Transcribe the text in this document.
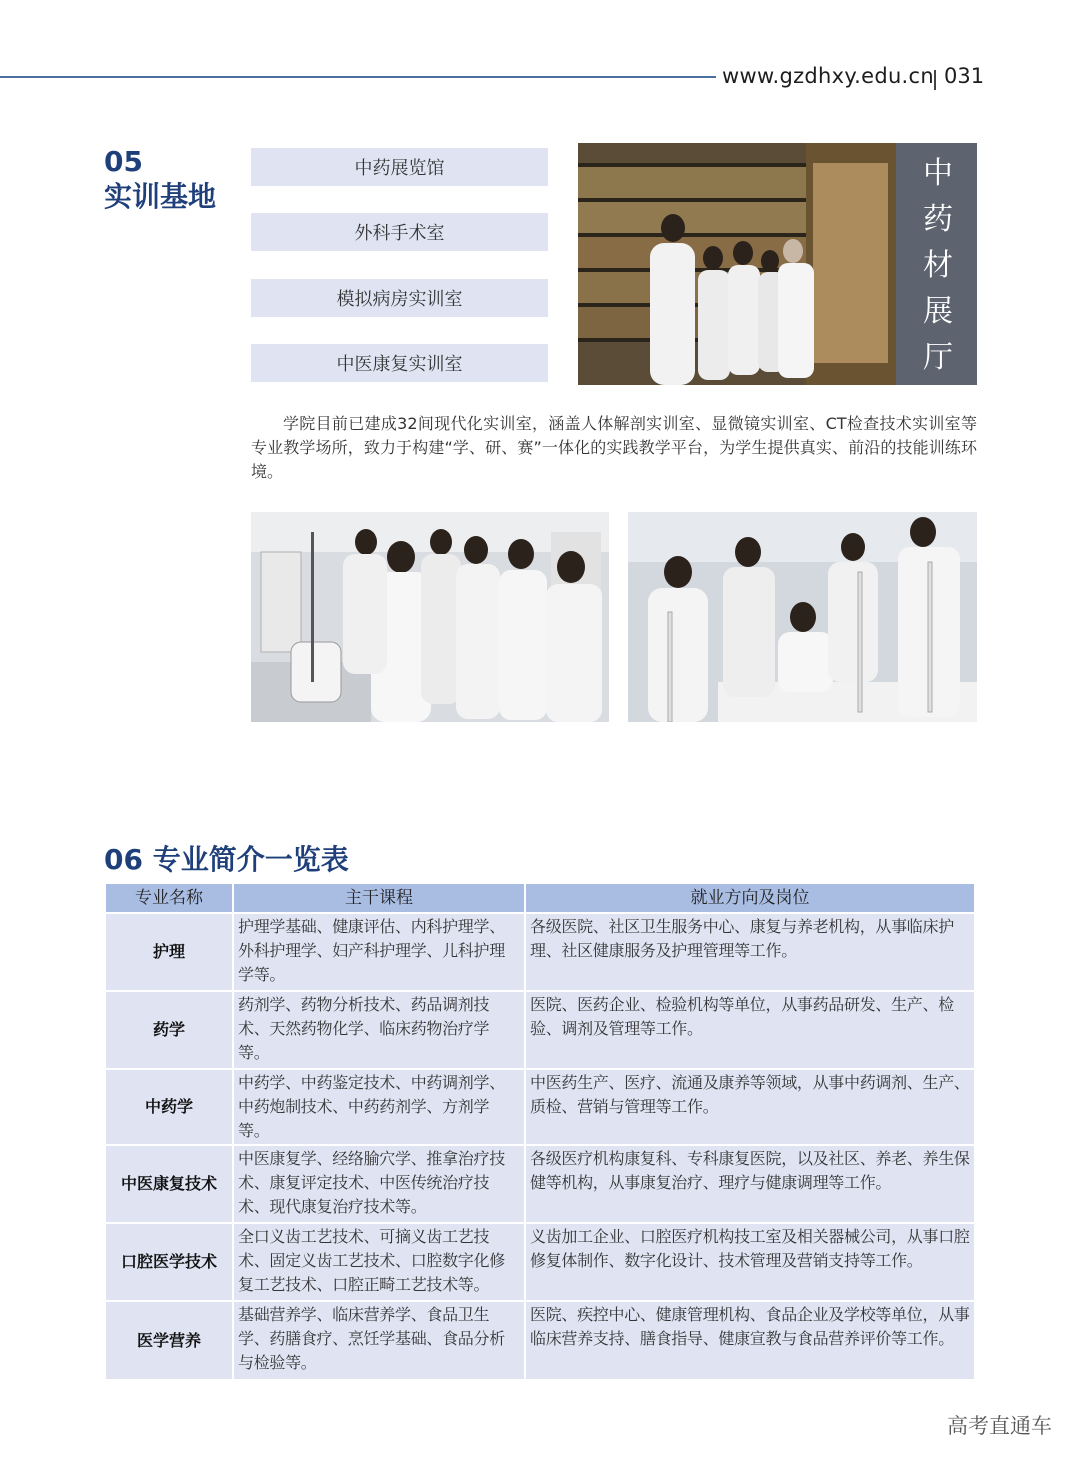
www.gzdhxy.edu.cn 031
05
实训基地
中药展览馆
外科手术室
模拟病房实训室
中医康复实训室
中药材展厅

学院目前已建成32间现代化实训室，涵盖人体解剖实训室、显微镜实训室、CT检查技术实训室等专业教学场所，致力于构建“学、研、赛”一体化的实践教学平台，为学生提供真实、前沿的技能训练环境。

06 专业简介一览表
专业名称	主干课程	就业方向及岗位
护理	护理学基础、健康评估、内科护理学、外科护理学、妇产科护理学、儿科护理学等。	各级医院、社区卫生服务中心、康复与养老机构，从事临床护理、社区健康服务及护理管理等工作。
药学	药剂学、药物分析技术、药品调剂技术、天然药物化学、临床药物治疗学等。	医院、医药企业、检验机构等单位，从事药品研发、生产、检验、调剂及管理等工作。
中药学	中药学、中药鉴定技术、中药调剂学、中药炮制技术、中药药剂学、方剂学等。	中医药生产、医疗、流通及康养等领域，从事中药调剂、生产、质检、营销与管理等工作。
中医康复技术	中医康复学、经络腧穴学、推拿治疗技术、康复评定技术、中医传统治疗技术、现代康复治疗技术等。	各级医疗机构康复科、专科康复医院，以及社区、养老、养生保健等机构，从事康复治疗、理疗与健康调理等工作。
口腔医学技术	全口义齿工艺技术、可摘义齿工艺技术、固定义齿工艺技术、口腔数字化修复工艺技术、口腔正畸工艺技术等。	义齿加工企业、口腔医疗机构技工室及相关器械公司，从事口腔修复体制作、数字化设计、技术管理及营销支持等工作。
医学营养	基础营养学、临床营养学、食品卫生学、药膳食疗、烹饪学基础、食品分析与检验等。	医院、疾控中心、健康管理机构、食品企业及学校等单位，从事临床营养支持、膳食指导、健康宣教与食品营养评价等工作。
高考直通车
